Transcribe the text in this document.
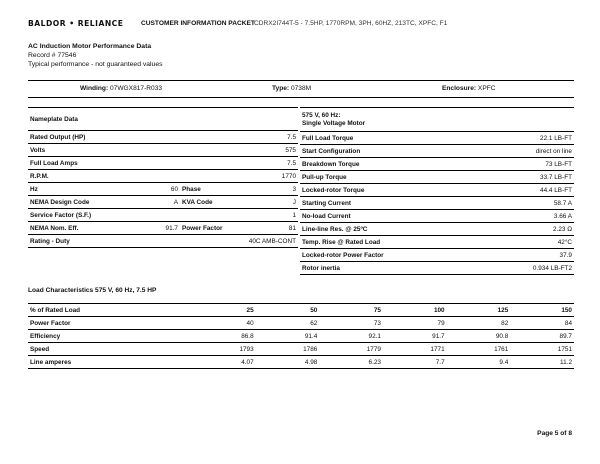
BALDOR • RELIANCE	CUSTOMER INFORMATION PACKET CDRX2I744T-5 - 7.5HP, 1770RPM, 3PH, 60HZ, 213TC, XPFC, F1
AC Induction Motor Performance Data
Record # 77546
Typical performance - not guaranteed values
Winding: 07WGX817-R033	Type: 0738M	Enclosure: XPFC
Nameplate Data			
Rated Output (HP)			7.5
Volts			575
Full Load Amps			7.5
R.P.M.			1770
Hz	60	Phase	3
NEMA Design Code	A	KVA Code	J
Service Factor (S.F.)			1
NEMA Nom. Eff.	91.7	Power Factor	81
Rating - Duty			40C AMB-CONT
575 V, 60 Hz:
Single Voltage Motor	

Full Load Torque	22.1 LB-FT
Start Configuration	direct on line
Breakdown Torque	73 LB-FT
Pull-up Torque	33.7 LB-FT
Locked-rotor Torque	44.4 LB-FT
Starting Current	58.7 A
No-load Current	3.66 A
Line-line Res. @ 25ºC	2.23 Ω
Temp. Rise @ Rated Load	42°C
Locked-rotor Power Factor	37.9
Rotor inertia	0.934 LB-FT2
Load Characteristics 575 V, 60 Hz, 7.5 HP
% of Rated Load	25	50	75	100	125	150
Power Factor	40	62	73	79	82	84
Efficiency	86.8	91.4	92.1	91.7	90.8	89.7
Speed	1793	1786	1779	1771	1761	1751
Line amperes	4.07	4.98	6.23	7.7	9.4	11.2
Page 5 of 8
